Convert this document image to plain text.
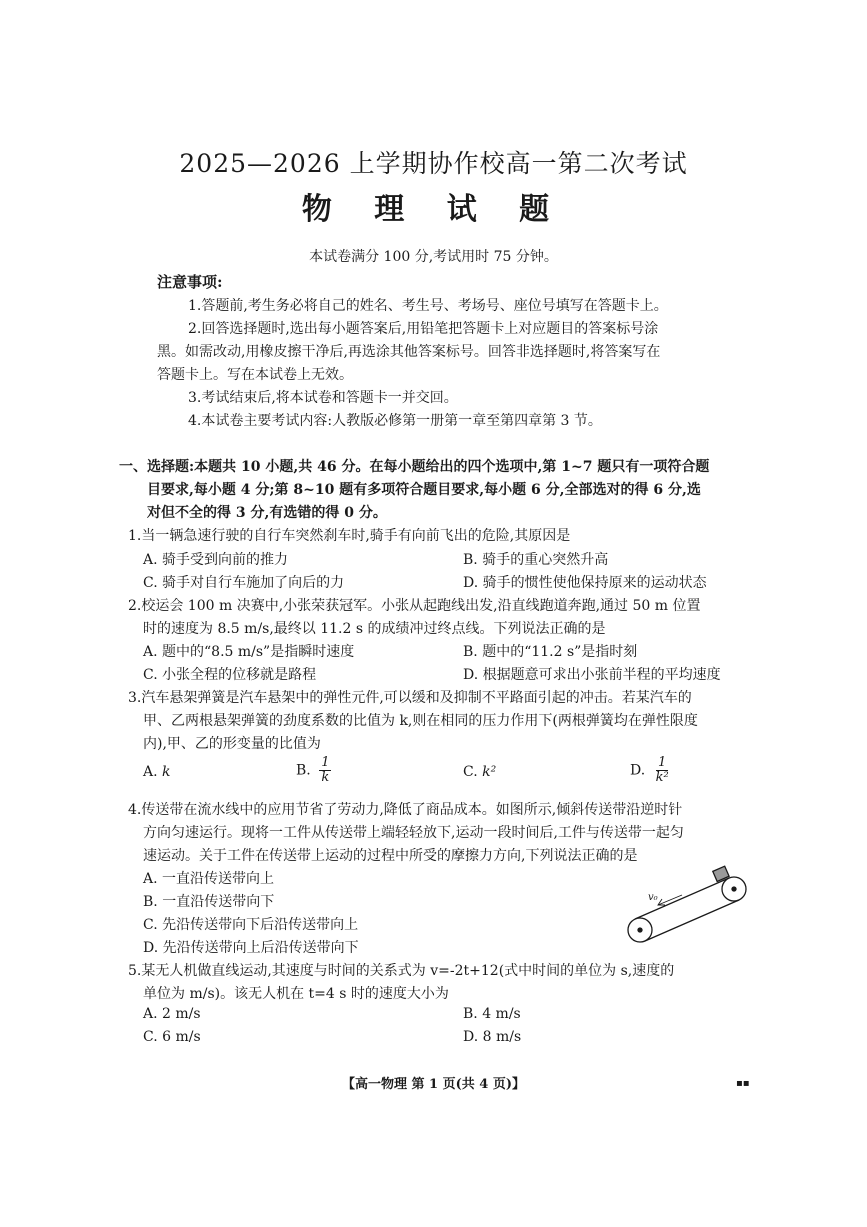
2025—2026 上学期协作校高一第二次考试
物 理 试 题
本试卷满分 100 分,考试用时 75 分钟。
注意事项:
1.答题前,考生务必将自己的姓名、考生号、考场号、座位号填写在答题卡上。
2.回答选择题时,选出每小题答案后,用铅笔把答题卡上对应题目的答案标号涂
黑。如需改动,用橡皮擦干净后,再选涂其他答案标号。回答非选择题时,将答案写在
答题卡上。写在本试卷上无效。
3.考试结束后,将本试卷和答题卡一并交回。
4.本试卷主要考试内容:人教版必修第一册第一章至第四章第 3 节。
一、选择题:本题共 10 小题,共 46 分。在每小题给出的四个选项中,第 1~7 题只有一项符合题
目要求,每小题 4 分;第 8~10 题有多项符合题目要求,每小题 6 分,全部选对的得 6 分,选
对但不全的得 3 分,有选错的得 0 分。
1.当一辆急速行驶的自行车突然刹车时,骑手有向前飞出的危险,其原因是
A. 骑手受到向前的推力	B. 骑手的重心突然升高
C. 骑手对自行车施加了向后的力	D. 骑手的惯性使他保持原来的运动状态
2.校运会 100 m 决赛中,小张荣获冠军。小张从起跑线出发,沿直线跑道奔跑,通过 50 m 位置
时的速度为 8.5 m/s,最终以 11.2 s 的成绩冲过终点线。下列说法正确的是
A. 题中的“8.5 m/s”是指瞬时速度	B. 题中的“11.2 s”是指时刻
C. 小张全程的位移就是路程	D. 根据题意可求出小张前半程的平均速度
3.汽车悬架弹簧是汽车悬架中的弹性元件,可以缓和及抑制不平路面引起的冲击。若某汽车的
甲、乙两根悬架弹簧的劲度系数的比值为 k,则在相同的压力作用下(两根弹簧均在弹性限度
内),甲、乙的形变量的比值为
A. k	B. $\frac{1}{k}$	C. k²	D. $\frac{1}{\text{k²}}$
4.传送带在流水线中的应用节省了劳动力,降低了商品成本。如图所示,倾斜传送带沿逆时针
方向匀速运行。现将一工件从传送带上端轻轻放下,运动一段时间后,工件与传送带一起匀
速运动。关于工件在传送带上运动的过程中所受的摩擦力方向,下列说法正确的是
A. 一直沿传送带向上
B. 一直沿传送带向下
C. 先沿传送带向下后沿传送带向上
D. 先沿传送带向上后沿传送带向下
v₀
5.某无人机做直线运动,其速度与时间的关系式为 v=-2t+12(式中时间的单位为 s,速度的
单位为 m/s)。该无人机在 t=4 s 时的速度大小为
A. 2 m/s	B. 4 m/s
C. 6 m/s	D. 8 m/s
【高一物理 第 1 页(共 4 页)】	▪▪
